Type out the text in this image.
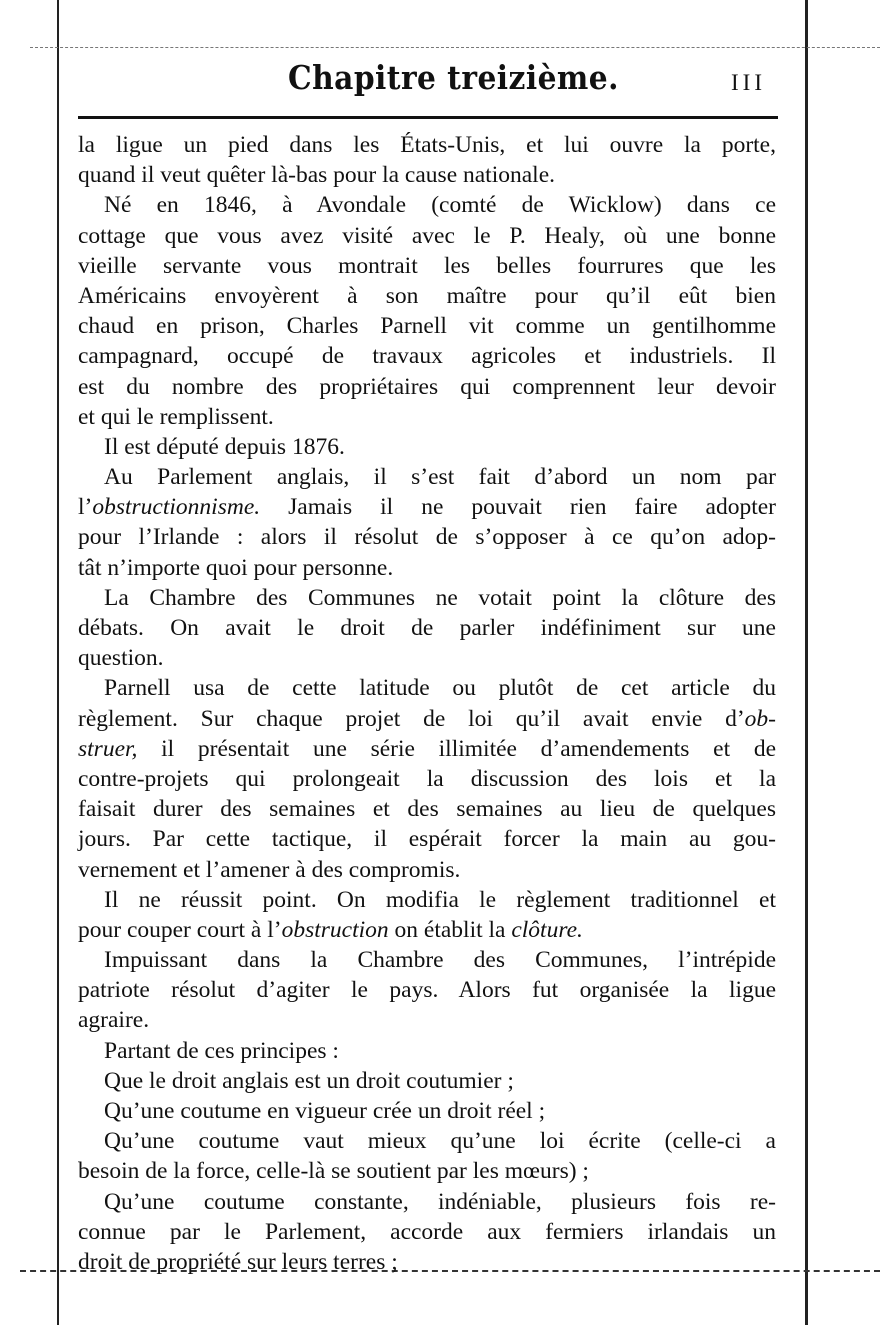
Chapitre treizième.	III
la ligue un pied dans les États-Unis, et lui ouvre la porte,
quand il veut quêter là-bas pour la cause nationale.
Né en 1846, à Avondale (comté de Wicklow) dans ce
cottage que vous avez visité avec le P. Healy, où une bonne
vieille servante vous montrait les belles fourrures que les
Américains envoyèrent à son maître pour qu’il eût bien
chaud en prison, Charles Parnell vit comme un gentilhomme
campagnard, occupé de travaux agricoles et industriels. Il
est du nombre des propriétaires qui comprennent leur devoir
et qui le remplissent.
Il est député depuis 1876.
Au Parlement anglais, il s’est fait d’abord un nom par
l’obstructionnisme. Jamais il ne pouvait rien faire adopter
pour l’Irlande : alors il résolut de s’opposer à ce qu’on adop-
tât n’importe quoi pour personne.
La Chambre des Communes ne votait point la clôture des
débats. On avait le droit de parler indéfiniment sur une
question.
Parnell usa de cette latitude ou plutôt de cet article du
règlement. Sur chaque projet de loi qu’il avait envie d’ob-
struer, il présentait une série illimitée d’amendements et de
contre-projets qui prolongeait la discussion des lois et la
faisait durer des semaines et des semaines au lieu de quelques
jours. Par cette tactique, il espérait forcer la main au gou-
vernement et l’amener à des compromis.
Il ne réussit point. On modifia le règlement traditionnel et
pour couper court à l’obstruction on établit la clôture.
Impuissant dans la Chambre des Communes, l’intrépide
patriote résolut d’agiter le pays. Alors fut organisée la ligue
agraire.
Partant de ces principes :
Que le droit anglais est un droit coutumier ;
Qu’une coutume en vigueur crée un droit réel ;
Qu’une coutume vaut mieux qu’une loi écrite (celle-ci a
besoin de la force, celle-là se soutient par les mœurs) ;
Qu’une coutume constante, indéniable, plusieurs fois re-
connue par le Parlement, accorde aux fermiers irlandais un
droit de propriété sur leurs terres ;
